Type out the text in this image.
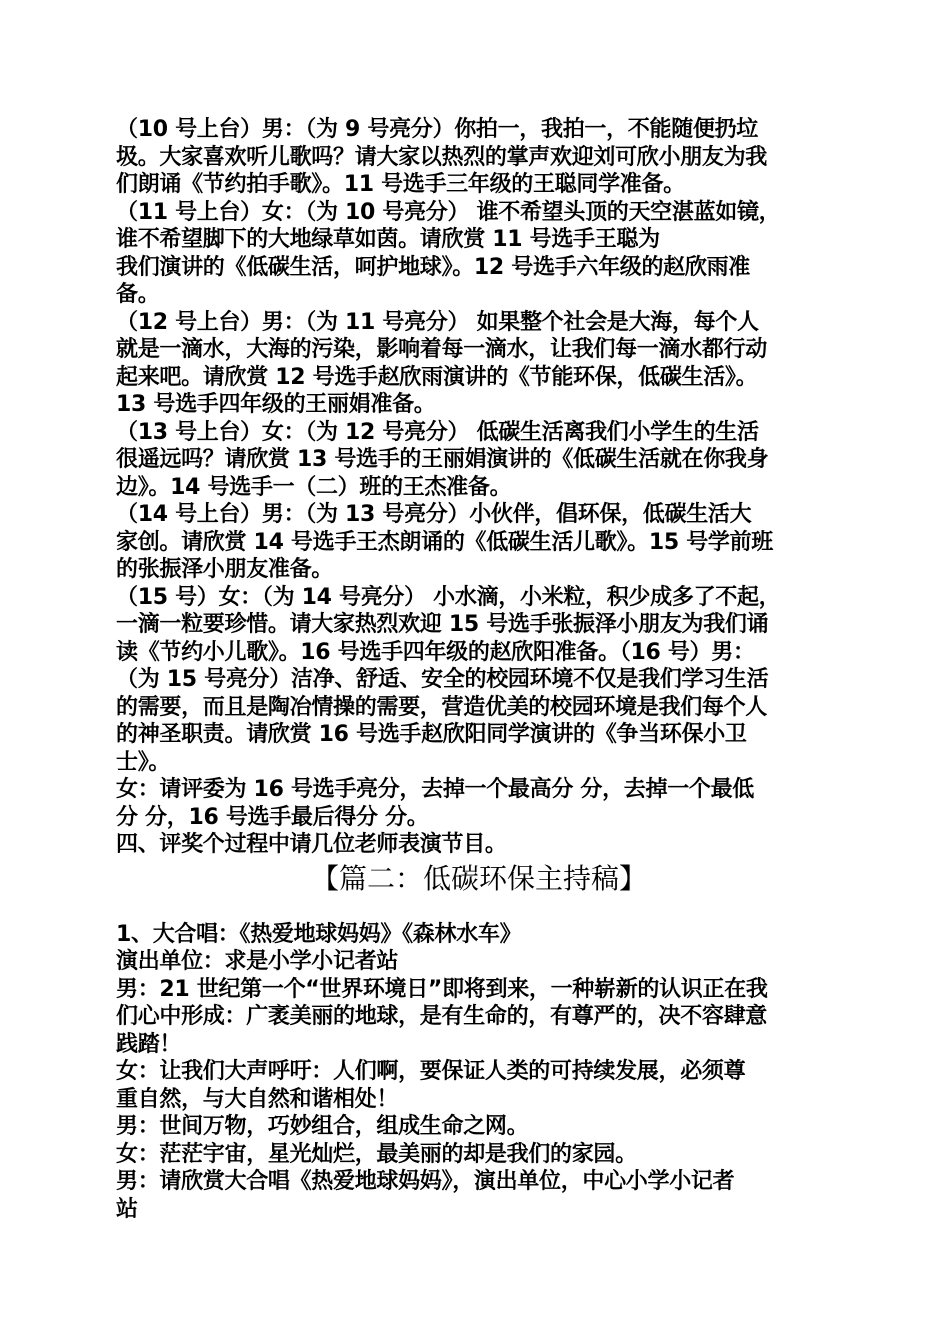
（10 号上台）男：（为 9 号亮分）你拍一，我拍一，不能随便扔垃
圾。大家喜欢听儿歌吗？请大家以热烈的掌声欢迎刘可欣小朋友为我
们朗诵《节约拍手歌》。11 号选手三年级的王聪同学准备。
（11 号上台）女：（为 10 号亮分） 谁不希望头顶的天空湛蓝如镜，
谁不希望脚下的大地绿草如茵。请欣赏 11 号选手王聪为
我们演讲的《低碳生活，呵护地球》。12 号选手六年级的赵欣雨准
备。
（12 号上台）男：（为 11 号亮分） 如果整个社会是大海，每个人
就是一滴水，大海的污染，影响着每一滴水，让我们每一滴水都行动
起来吧。请欣赏 12 号选手赵欣雨演讲的《节能环保，低碳生活》。
13 号选手四年级的王丽娟准备。
（13 号上台）女：（为 12 号亮分） 低碳生活离我们小学生的生活
很遥远吗？请欣赏 13 号选手的王丽娟演讲的《低碳生活就在你我身
边》。14 号选手一（二）班的王杰准备。
（14 号上台）男：（为 13 号亮分）小伙伴，倡环保，低碳生活大
家创。请欣赏 14 号选手王杰朗诵的《低碳生活儿歌》。15 号学前班
的张振泽小朋友准备。
（15 号）女：（为 14 号亮分） 小水滴，小米粒，积少成多了不起，
一滴一粒要珍惜。请大家热烈欢迎 15 号选手张振泽小朋友为我们诵
读《节约小儿歌》。16 号选手四年级的赵欣阳准备。（16 号）男：
（为 15 号亮分）洁净、舒适、安全的校园环境不仅是我们学习生活
的需要，而且是陶冶情操的需要，营造优美的校园环境是我们每个人
的神圣职责。请欣赏 16 号选手赵欣阳同学演讲的《争当环保小卫
士》。
女：请评委为 16 号选手亮分，去掉一个最高分 分，去掉一个最低
分 分，16 号选手最后得分 分。
四、评奖个过程中请几位老师表演节目。
【篇二：低碳环保主持稿】
1、大合唱：《热爱地球妈妈》《森林水车》
演出单位：求是小学小记者站
男：21 世纪第一个“世界环境日”即将到来，一种崭新的认识正在我
们心中形成：广袤美丽的地球，是有生命的，有尊严的，决不容肆意
践踏！
女：让我们大声呼吁：人们啊，要保证人类的可持续发展，必须尊
重自然，与大自然和谐相处！
男：世间万物，巧妙组合，组成生命之网。
女：茫茫宇宙，星光灿烂，最美丽的却是我们的家园。
男：请欣赏大合唱《热爱地球妈妈》，演出单位，中心小学小记者
站
